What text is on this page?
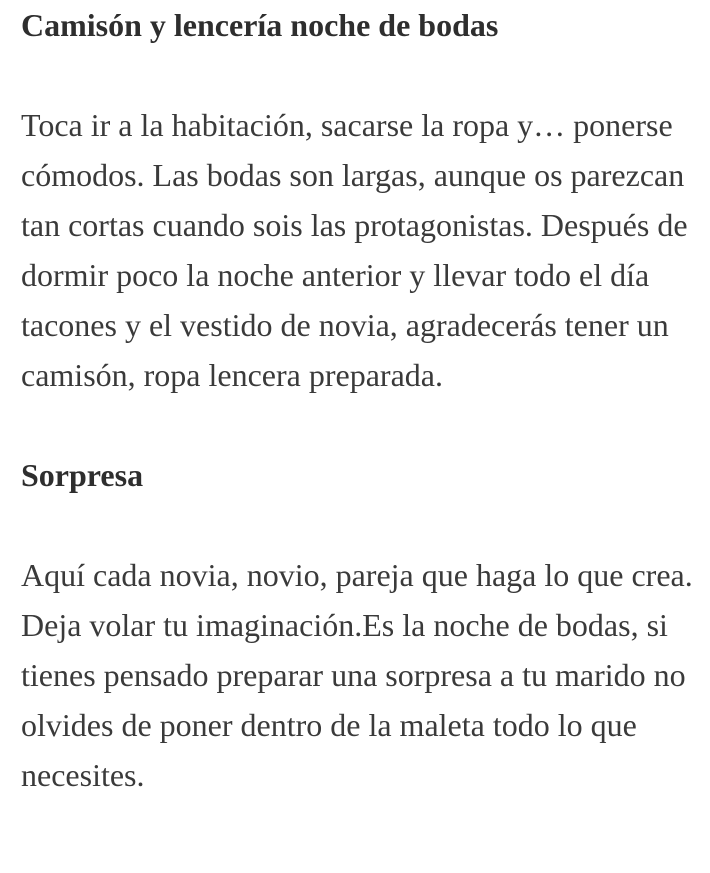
Camisón y lencería noche de bodas

Toca ir a la habitación, sacarse la ropa y… ponerse cómodos. Las bodas son largas, aunque os parezcan tan cortas cuando sois las protagonistas. Después de dormir poco la noche anterior y llevar todo el día tacones y el vestido de novia, agradecerás tener un camisón, ropa lencera preparada.

Sorpresa

Aquí cada novia, novio, pareja que haga lo que crea. Deja volar tu imaginación.Es la noche de bodas, si tienes pensado preparar una sorpresa a tu marido no olvides de poner dentro de la maleta todo lo que necesites.
